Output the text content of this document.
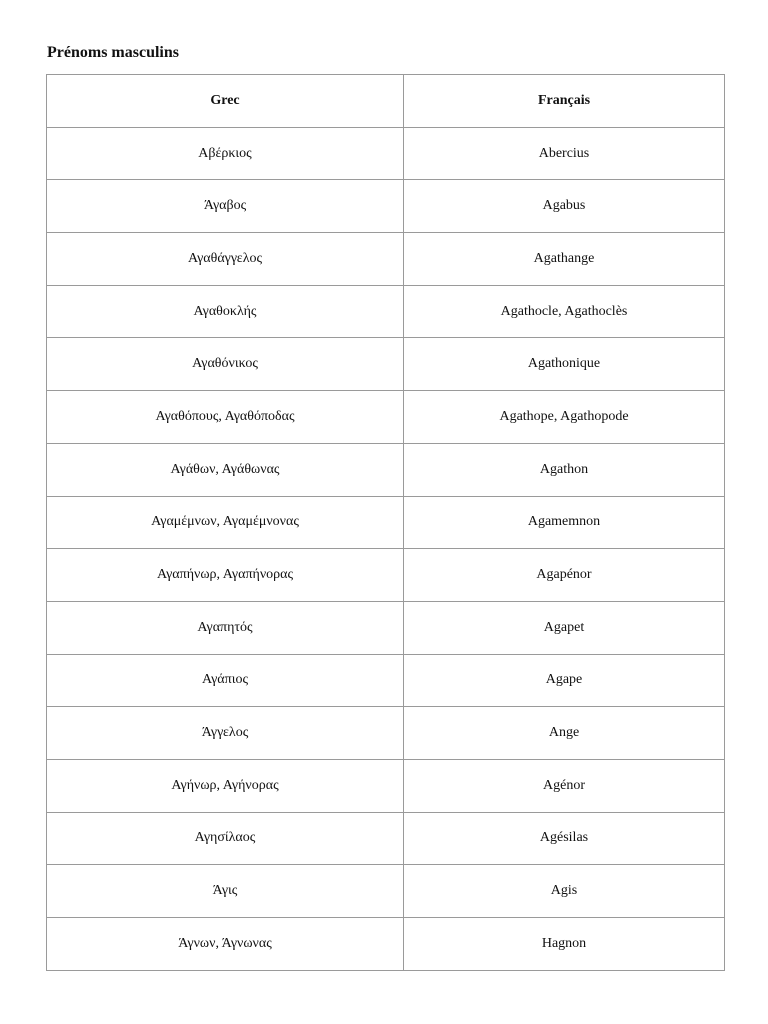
Prénoms masculins
Grec	Français
Αβέρκιος	Abercius
Άγαβος	Agabus
Αγαθάγγελος	Agathange
Αγαθοκλής	Agathocle, Agathoclès
Αγαθόνικος	Agathonique
Αγαθόπους, Αγαθόποδας	Agathope, Agathopode
Αγάθων, Αγάθωνας	Agathon
Αγαμέμνων, Αγαμέμνονας	Agamemnon
Αγαπήνωρ, Αγαπήνορας	Agapénor
Αγαπητός	Agapet
Αγάπιος	Agape
Άγγελος	Ange
Αγήνωρ, Αγήνορας	Agénor
Αγησίλαος	Agésilas
Άγις	Agis
Άγνων, Άγνωνας	Hagnon
